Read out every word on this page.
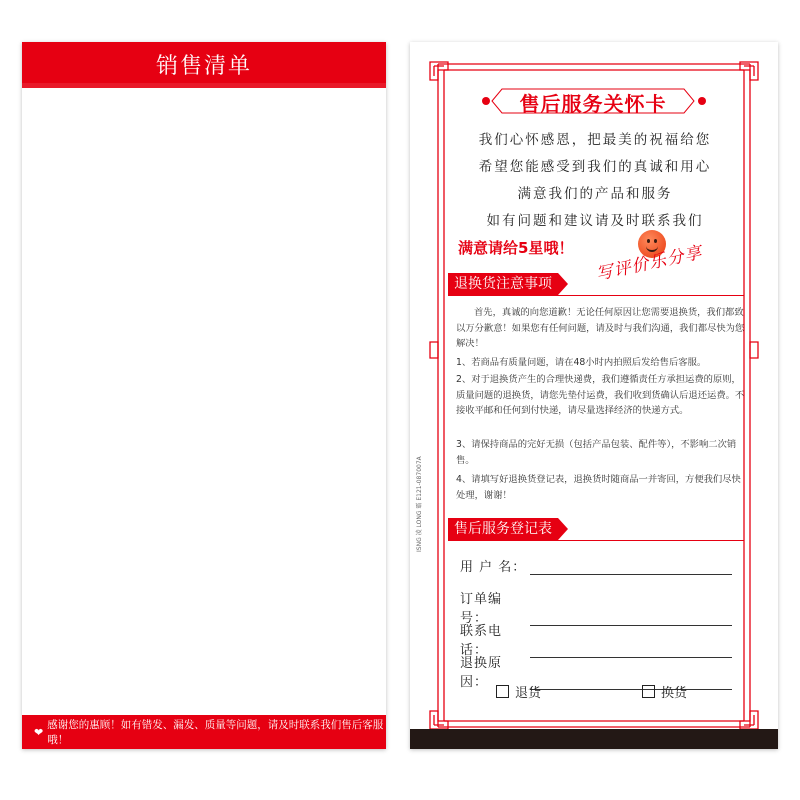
销售清单
❤
感谢您的惠顾！如有错发、漏发、质量等问题，请及时联系我们售后客服哦！
售后服务关怀卡
我们心怀感恩，把最美的祝福给您
希望您能感受到我们的真诚和用心
满意我们的产品和服务
如有问题和建议请及时联系我们
满意请给5星哦！ 写评价乐分享
退换货注意事项
首先，真诚的向您道歉！无论任何原因让您需要退换货，我们都致以万分歉意！如果您有任何问题，请及时与我们沟通，我们都尽快为您解决！
1、若商品有质量问题，请在48小时内拍照后发给售后客服。
2、对于退换货产生的合理快递费，我们遵循责任方承担运费的原则，质量问题的退换货，请您先垫付运费，我们收到货确认后退还运费。不接收平邮和任何到付快递，请尽量选择经济的快递方式。
3、请保持商品的完好无损（包括产品包装、配件等），不影响二次销售。
4、请填写好退换货登记表，退换货时随商品一并寄回，方便我们尽快处理，谢谢！
售后服务登记表
用 户 名：
订单编号：
联系电话：
退换原因：
退货	换货
ISNG 凌 LONG 霸 E121-087007A
